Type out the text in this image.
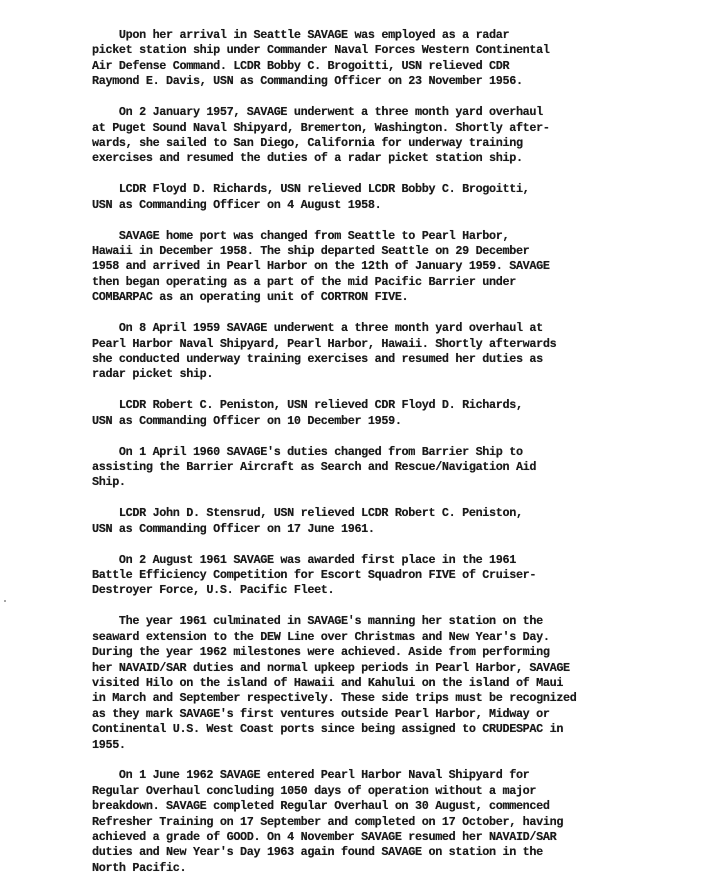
Upon her arrival in Seattle SAVAGE was employed as a radar
picket station ship under Commander Naval Forces Western Continental
Air Defense Command. LCDR Bobby C. Brogoitti, USN relieved CDR
Raymond E. Davis, USN as Commanding Officer on 23 November 1956.

On 2 January 1957, SAVAGE underwent a three month yard overhaul
at Puget Sound Naval Shipyard, Bremerton, Washington. Shortly after-
wards, she sailed to San Diego, California for underway training
exercises and resumed the duties of a radar picket station ship.

LCDR Floyd D. Richards, USN relieved LCDR Bobby C. Brogoitti,
USN as Commanding Officer on 4 August 1958.

SAVAGE home port was changed from Seattle to Pearl Harbor,
Hawaii in December 1958. The ship departed Seattle on 29 December
1958 and arrived in Pearl Harbor on the 12th of January 1959. SAVAGE
then began operating as a part of the mid Pacific Barrier under
COMBARPAC as an operating unit of CORTRON FIVE.

On 8 April 1959 SAVAGE underwent a three month yard overhaul at
Pearl Harbor Naval Shipyard, Pearl Harbor, Hawaii. Shortly afterwards
she conducted underway training exercises and resumed her duties as
radar picket ship.

LCDR Robert C. Peniston, USN relieved CDR Floyd D. Richards,
USN as Commanding Officer on 10 December 1959.

On 1 April 1960 SAVAGE's duties changed from Barrier Ship to
assisting the Barrier Aircraft as Search and Rescue/Navigation Aid
Ship.

LCDR John D. Stensrud, USN relieved LCDR Robert C. Peniston,
USN as Commanding Officer on 17 June 1961.

On 2 August 1961 SAVAGE was awarded first place in the 1961
Battle Efficiency Competition for Escort Squadron FIVE of Cruiser-
Destroyer Force, U.S. Pacific Fleet.

The year 1961 culminated in SAVAGE's manning her station on the
seaward extension to the DEW Line over Christmas and New Year's Day.
During the year 1962 milestones were achieved. Aside from performing
her NAVAID/SAR duties and normal upkeep periods in Pearl Harbor, SAVAGE
visited Hilo on the island of Hawaii and Kahului on the island of Maui
in March and September respectively. These side trips must be recognized
as they mark SAVAGE's first ventures outside Pearl Harbor, Midway or
Continental U.S. West Coast ports since being assigned to CRUDESPAC in
1955.

On 1 June 1962 SAVAGE entered Pearl Harbor Naval Shipyard for
Regular Overhaul concluding 1050 days of operation without a major
breakdown. SAVAGE completed Regular Overhaul on 30 August, commenced
Refresher Training on 17 September and completed on 17 October, having
achieved a grade of GOOD. On 4 November SAVAGE resumed her NAVAID/SAR
duties and New Year's Day 1963 again found SAVAGE on station in the
North Pacific.
